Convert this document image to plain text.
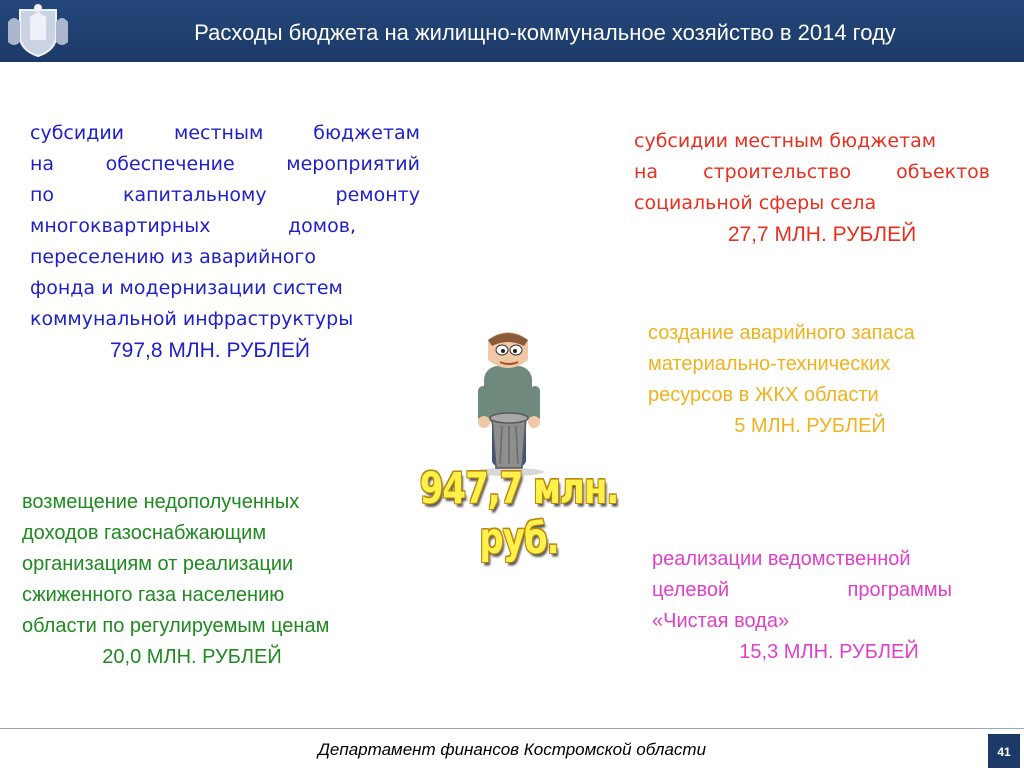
Расходы бюджета на жилищно-коммунальное хозяйство в 2014 году

субсидии местным бюджетам

на обеспечение мероприятий

по капитальному ремонту

многоквартирных домов,

переселению из аварийного

фонда и модернизации систем

коммунальной инфраструктуры

797,8 МЛН. РУБЛЕЙ

субсидии местным бюджетам

на строительство объектов

социальной сферы села

27,7 МЛН. РУБЛЕЙ

создание аварийного запаса

материально-технических

ресурсов в ЖКХ области

5 МЛН. РУБЛЕЙ

возмещение недополученных

доходов газоснабжающим

организациям от реализации

сжиженного газа населению

области по регулируемым ценам

20,0 МЛН. РУБЛЕЙ

реализации ведомственной

целевой программы

«Чистая вода»

15,3 МЛН. РУБЛЕЙ

947,7 млн. руб.
Департамент финансов Костромской области	41
